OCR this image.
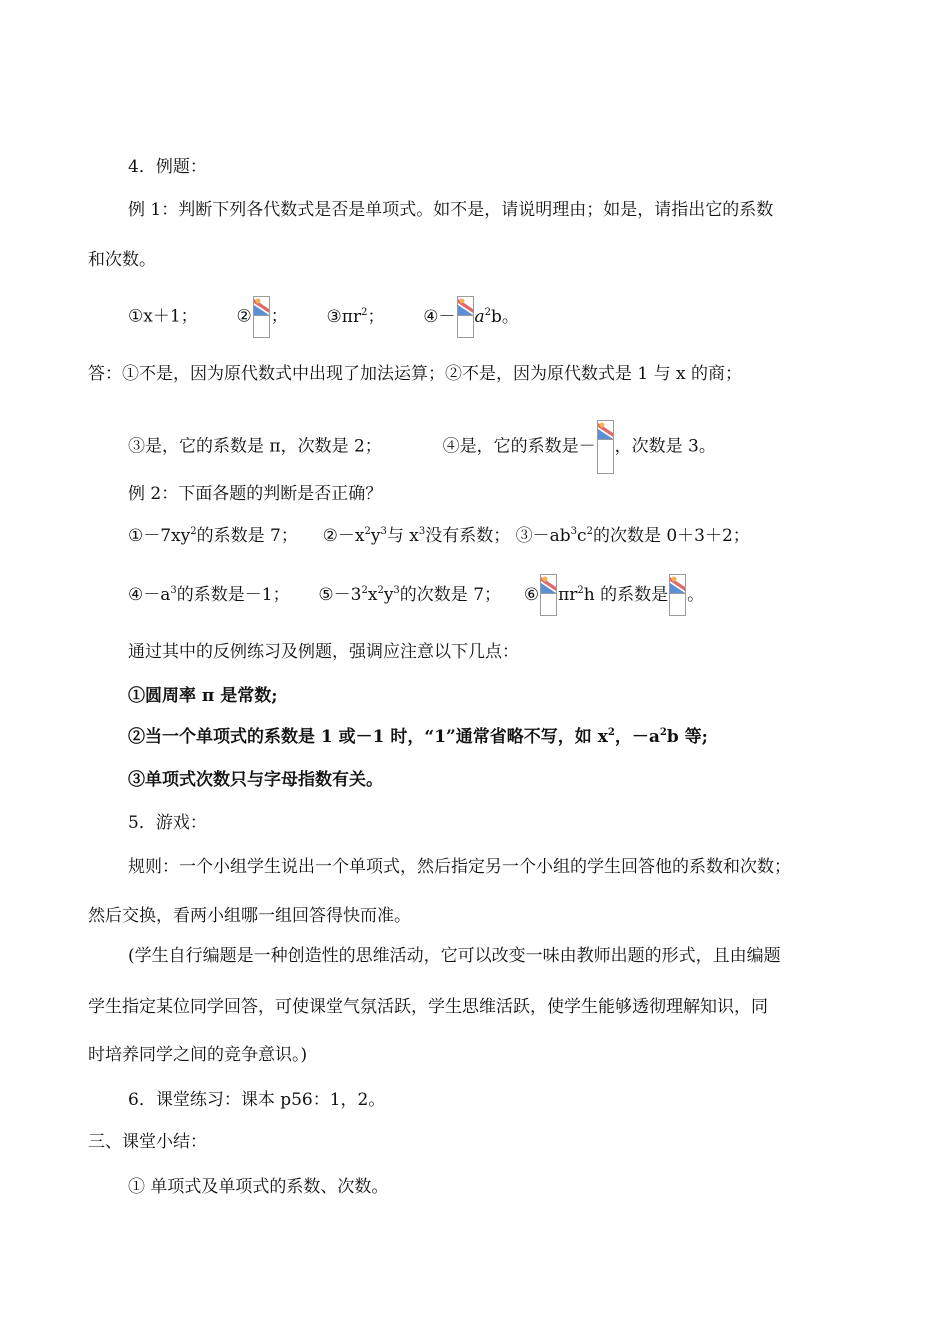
4．例题：
例 1：判断下列各代数式是否是单项式。如不是，请说明理由；如是，请指出它的系数
和次数。
①x＋1； ② ； $③\pi r^2$； ④－ $a^2b$。
答：①不是，因为原代数式中出现了加法运算；②不是，因为原代数式是 1 与 x 的商；
③是，它的系数是 π，次数是 2；	④是，它的系数是－ ，次数是 3。
例 2：下面各题的判断是否正确？
$①-7xy^2$的系数是 7； $②-x^2y^3$与 $x^3$没有系数； $③-ab^3c^2$的次数是 0＋3＋2；
$④-a^3$的系数是－1； $⑤-3^2x^2y^3$的次数是 7； ⑥ $\pi r^2h$ 的系数是 。
通过其中的反例练习及例题，强调应注意以下几点：
①圆周率 π 是常数;
②当一个单项式的系数是 1 或－1 时，“1”通常省略不写，如 $x^2$，$-a^2b$ 等;
③单项式次数只与字母指数有关。
5．游戏：
规则：一个小组学生说出一个单项式，然后指定另一个小组的学生回答他的系数和次数；
然后交换，看两小组哪一组回答得快而准。
(学生自行编题是一种创造性的思维活动，它可以改变一味由教师出题的形式，且由编题
学生指定某位同学回答，可使课堂气氛活跃，学生思维活跃，使学生能够透彻理解知识，同
时培养同学之间的竞争意识。)
6．课堂练习：课本 p56：1，2。
三、课堂小结：
① 单项式及单项式的系数、次数。
